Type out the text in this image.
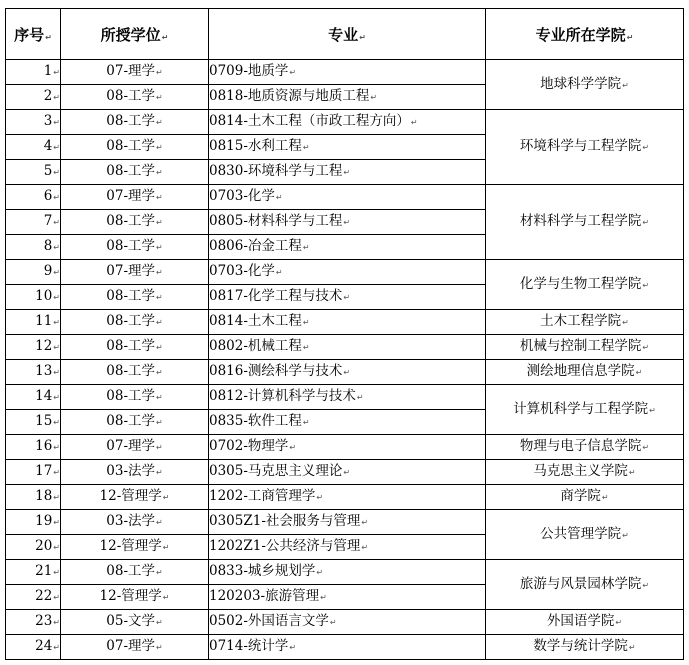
序号↵	所授学位↵	专业↵	专业所在学院↵
1↵	07-理学↵	0709-地质学↵	地球科学学院↵
2↵	08-工学↵	0818-地质资源与地质工程↵	
3↵	08-工学↵	0814-土木工程（市政工程方向）↵	环境科学与工程学院↵
4↵	08-工学↵	0815-水利工程↵	
5↵	08-工学↵	0830-环境科学与工程↵	
6↵	07-理学↵	0703-化学↵	材料科学与工程学院↵
7↵	08-工学↵	0805-材料科学与工程↵	
8↵	08-工学↵	0806-冶金工程↵	
9↵	07-理学↵	0703-化学↵	化学与生物工程学院↵
10↵	08-工学↵	0817-化学工程与技术↵	
11↵	08-工学↵	0814-土木工程↵	土木工程学院↵
12↵	08-工学↵	0802-机械工程↵	机械与控制工程学院↵
13↵	08-工学↵	0816-测绘科学与技术↵	测绘地理信息学院↵
14↵	08-工学↵	0812-计算机科学与技术↵	计算机科学与工程学院↵
15↵	08-工学↵	0835-软件工程↵	
16↵	07-理学↵	0702-物理学↵	物理与电子信息学院↵
17↵	03-法学↵	0305-马克思主义理论↵	马克思主义学院↵
18↵	12-管理学↵	1202-工商管理学↵	商学院↵
19↵	03-法学↵	0305Z1-社会服务与管理↵	公共管理学院↵
20↵	12-管理学↵	1202Z1-公共经济与管理↵	
21↵	08-工学↵	0833-城乡规划学↵	旅游与风景园林学院↵
22↵	12-管理学↵	120203-旅游管理↵	
23↵	05-文学↵	0502-外国语言文学↵	外国语学院↵
24↵	07-理学↵	0714-统计学↵	数学与统计学院↵
